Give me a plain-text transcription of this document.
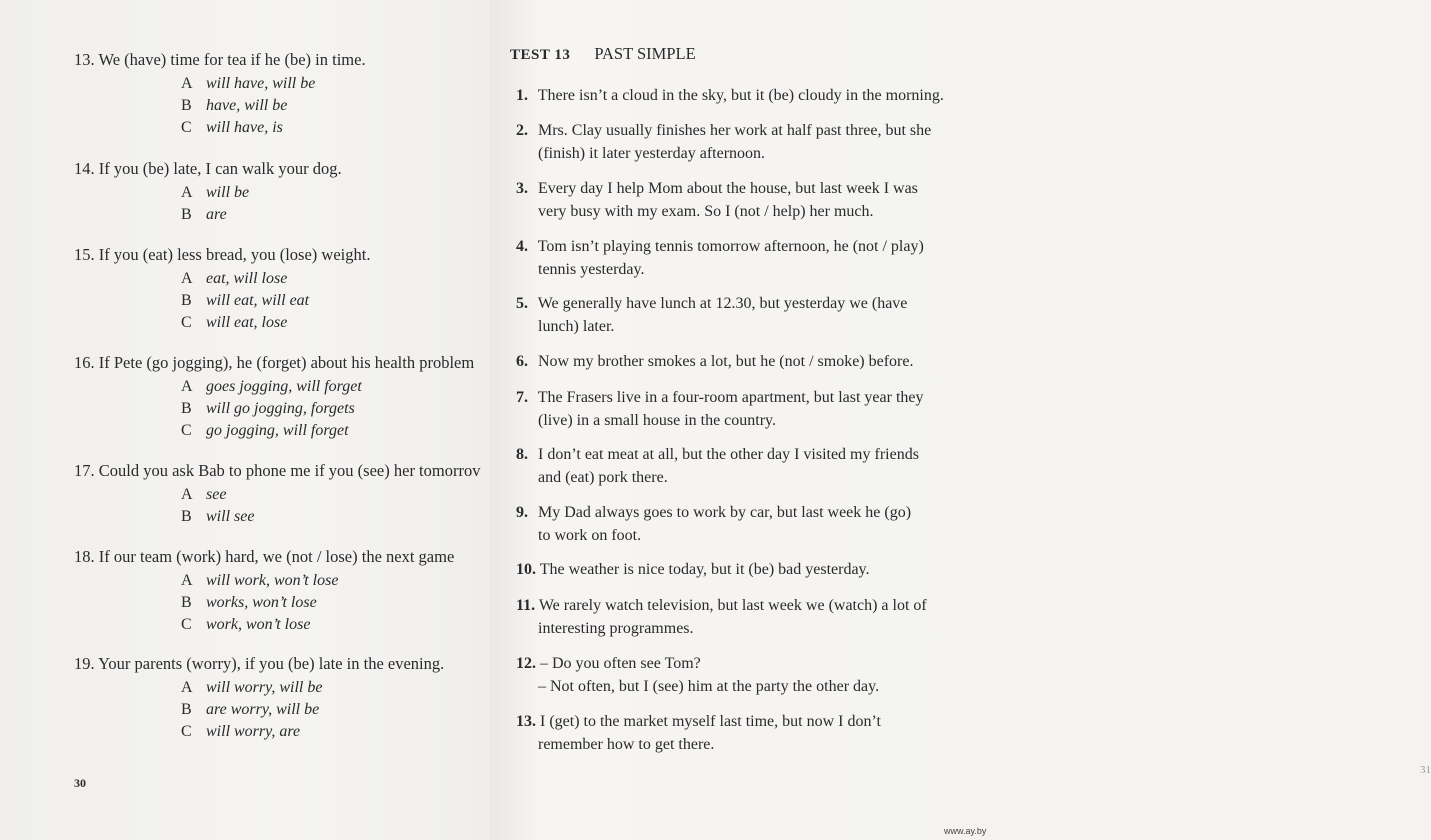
13. We (have) time for tea if he (be) in time.
A will have, will be
B have, will be
C will have, is
14. If you (be) late, I can walk your dog.
A will be
B are
15. If you (eat) less bread, you (lose) weight.
A eat, will lose
B will eat, will eat
C will eat, lose
16. If Pete (go jogging), he (forget) about his health problem
A goes jogging, will forget
B will go jogging, forgets
C go jogging, will forget
17. Could you ask Bab to phone me if you (see) her tomorrov
A see
B will see
18. If our team (work) hard, we (not / lose) the next game
A will work, won’t lose
B works, won’t lose
C work, won’t lose
19. Your parents (worry), if you (be) late in the evening.
A will worry, will be
B are worry, will be
C will worry, are
30
31
TEST 13 PAST SIMPLE
1. There isn’t a cloud in the sky, but it (be) cloudy in the morning.
2. Mrs. Clay usually finishes her work at half past three, but she
(finish) it later yesterday afternoon.
3. Every day I help Mom about the house, but last week I was
very busy with my exam. So I (not / help) her much.
4. Tom isn’t playing tennis tomorrow afternoon, he (not / play)
tennis yesterday.
5. We generally have lunch at 12.30, but yesterday we (have
lunch) later.
6. Now my brother smokes a lot, but he (not / smoke) before.
7. The Frasers live in a four-room apartment, but last year they
(live) in a small house in the country.
8. I don’t eat meat at all, but the other day I visited my friends
and (eat) pork there.
9. My Dad always goes to work by car, but last week he (go)
to work on foot.
10. The weather is nice today, but it (be) bad yesterday.
11. We rarely watch television, but last week we (watch) a lot of
interesting programmes.
12. – Do you often see Tom?
– Not often, but I (see) him at the party the other day.
13. I (get) to the market myself last time, but now I don’t
remember how to get there.
www.ay.by
